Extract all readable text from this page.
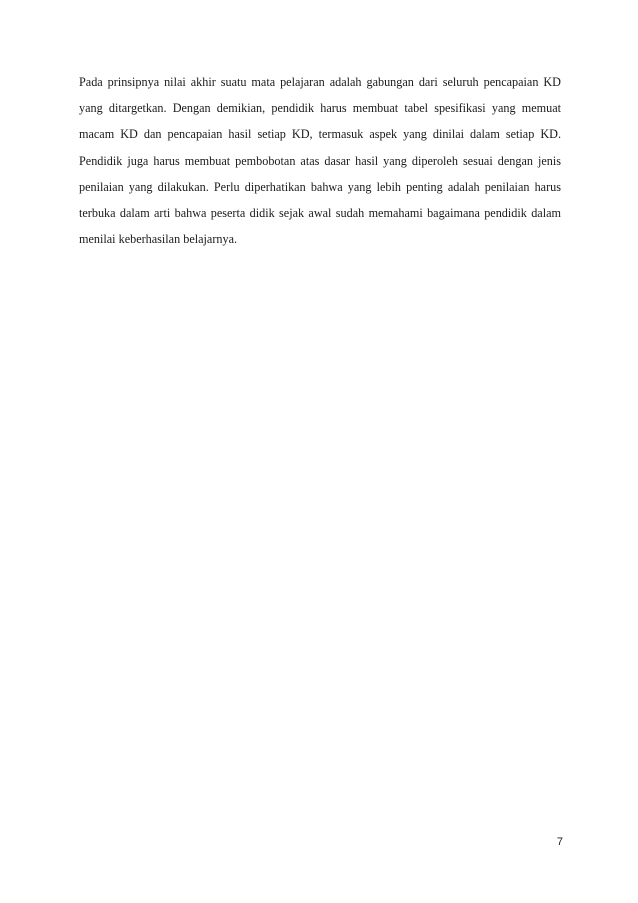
Pada prinsipnya nilai akhir suatu mata pelajaran adalah gabungan dari seluruh pencapaian KD yang ditargetkan. Dengan demikian, pendidik harus membuat tabel spesifikasi yang memuat macam KD dan pencapaian hasil setiap KD, termasuk aspek yang dinilai dalam setiap KD. Pendidik juga harus membuat pembobotan atas dasar hasil yang diperoleh sesuai dengan jenis penilaian yang dilakukan. Perlu diperhatikan bahwa yang lebih penting adalah penilaian harus terbuka dalam arti bahwa peserta didik sejak awal sudah memahami bagaimana pendidik dalam menilai keberhasilan belajarnya.

7
